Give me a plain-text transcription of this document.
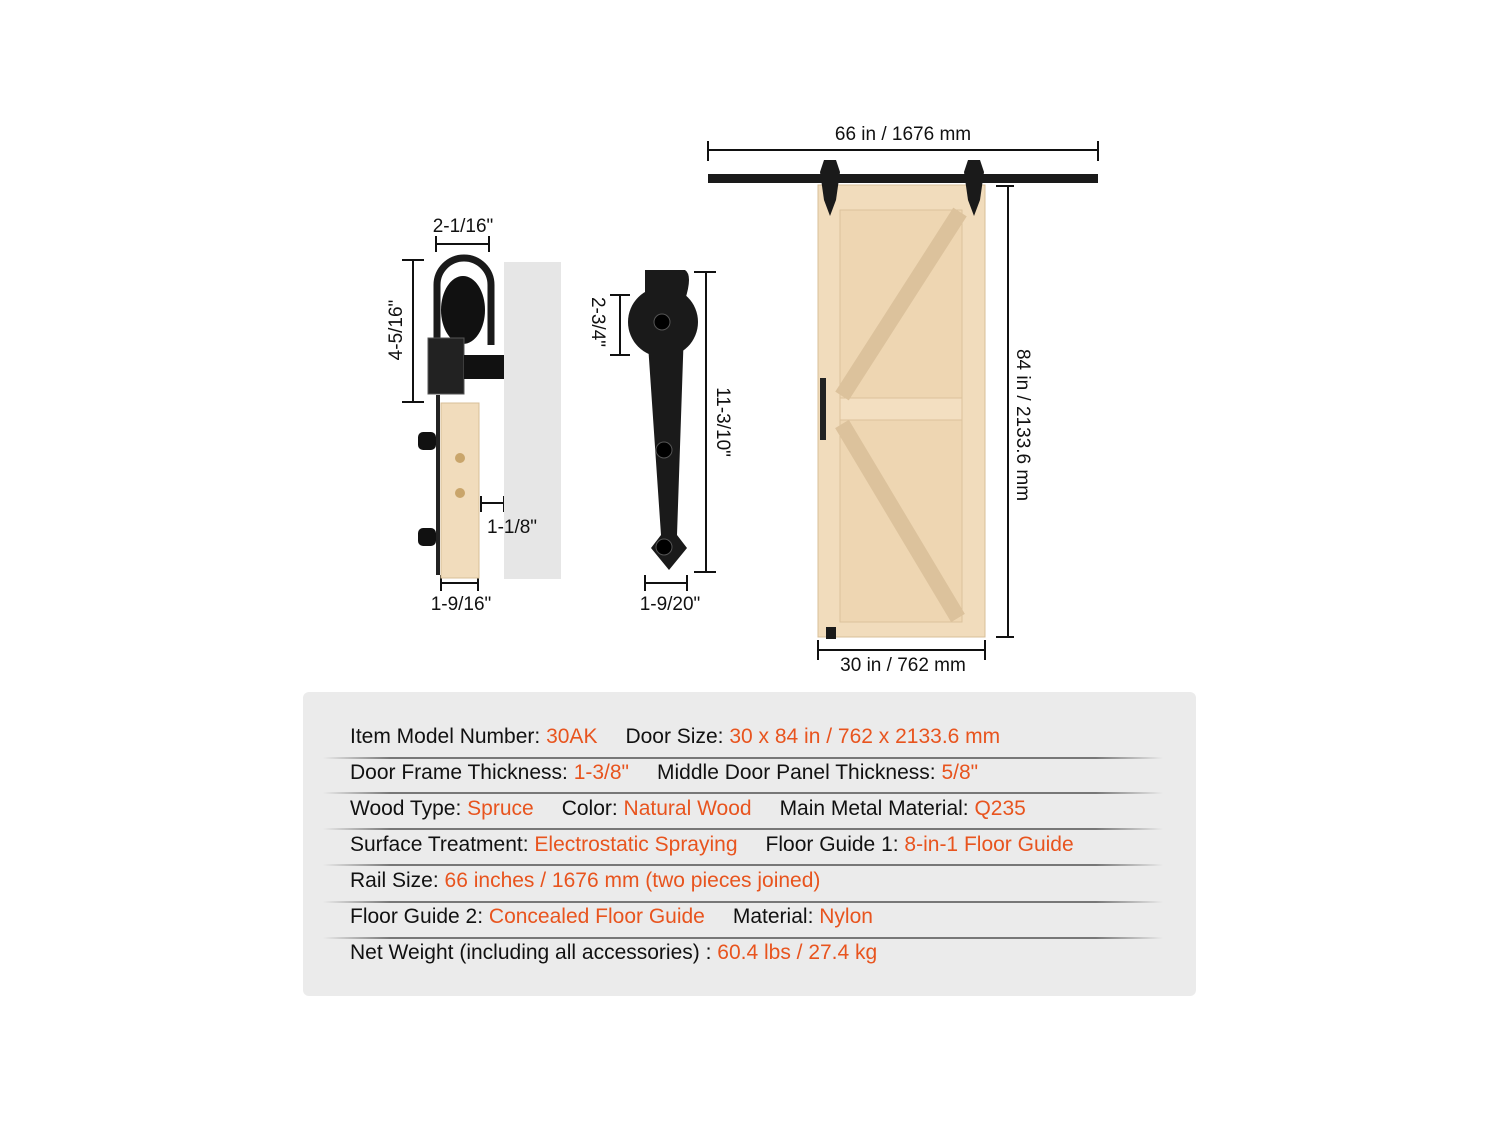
66 in / 1676 mm
84 in / 2133.6 mm
30 in / 762 mm
2-1/16"
4-5/16"
1-1/8"
1-9/16"
2-3/4"
11-3/10"
1-9/20"
Item Model Number: 30AK Door Size: 30 x 84 in / 762 x 2133.6 mm
Door Frame Thickness: 1-3/8" Middle Door Panel Thickness: 5/8"
Wood Type: Spruce Color: Natural Wood Main Metal Material: Q235
Surface Treatment: Electrostatic Spraying Floor Guide 1: 8-in-1 Floor Guide
Rail Size: 66 inches / 1676 mm (two pieces joined)
Floor Guide 2: Concealed Floor Guide Material: Nylon
Net Weight (including all accessories) : 60.4 lbs / 27.4 kg
